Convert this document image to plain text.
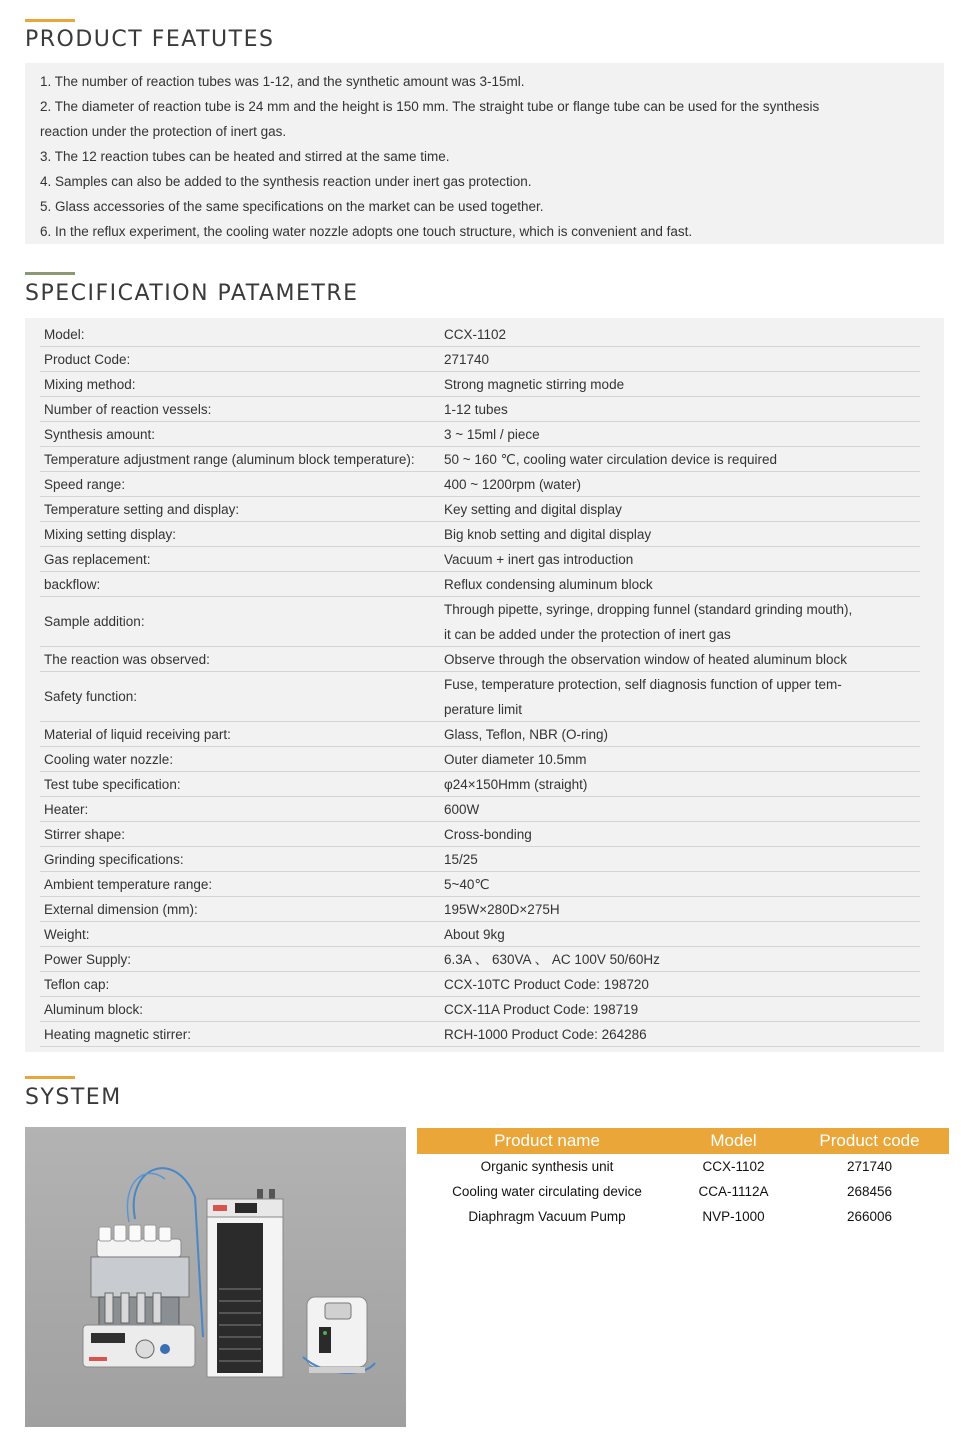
PRODUCT FEATUTES

1. The number of reaction tubes was 1-12, and the synthetic amount was 3-15ml.

2. The diameter of reaction tube is 24 mm and the height is 150 mm. The straight tube or flange tube can be used for the synthesis

reaction under the protection of inert gas.

3. The 12 reaction tubes can be heated and stirred at the same time.

4. Samples can also be added to the synthesis reaction under inert gas protection.

5. Glass accessories of the same specifications on the market can be used together.

6. In the reflux experiment, the cooling water nozzle adopts one touch structure, which is convenient and fast.

SPECIFICATION PATAMETRE
Model:	CCX-1102
Product Code:	271740
Mixing method:	Strong magnetic stirring mode
Number of reaction vessels:	1-12 tubes
Synthesis amount:	3 ~ 15ml / piece
Temperature adjustment range (aluminum block temperature):	50 ~ 160 ℃, cooling water circulation device is required
Speed range:	400 ~ 1200rpm (water)
Temperature setting and display:	Key setting and digital display
Mixing setting display:	Big knob setting and digital display
Gas replacement:	Vacuum + inert gas introduction
backflow:	Reflux condensing aluminum block
Sample addition:
Through pipette, syringe, dropping funnel (standard grinding mouth),
it can be added under the protection of inert gas
The reaction was observed:	Observe through the observation window of heated aluminum block
Safety function:
Fuse, temperature protection, self diagnosis function of upper tem-
perature limit
Material of liquid receiving part:	Glass, Teflon, NBR (O-ring)
Cooling water nozzle:	Outer diameter 10.5mm
Test tube specification:	φ24×150Hmm (straight)
Heater:	600W
Stirrer shape:	Cross-bonding
Grinding specifications:	15/25
Ambient temperature range:	5~40℃
External dimension (mm):	195W×280D×275H
Weight:	About 9kg
Power Supply:	6.3A 、 630VA 、 AC 100V 50/60Hz
Teflon cap:	CCX-10TC Product Code: 198720
Aluminum block:	CCX-11A Product Code: 198719
Heating magnetic stirrer:	RCH-1000 Product Code: 264286
SYSTEM
Product name	Model	Product code
Organic synthesis unit	CCX-1102	271740
Cooling water circulating device	CCA-1112A	268456
Diaphragm Vacuum Pump	NVP-1000	266006
